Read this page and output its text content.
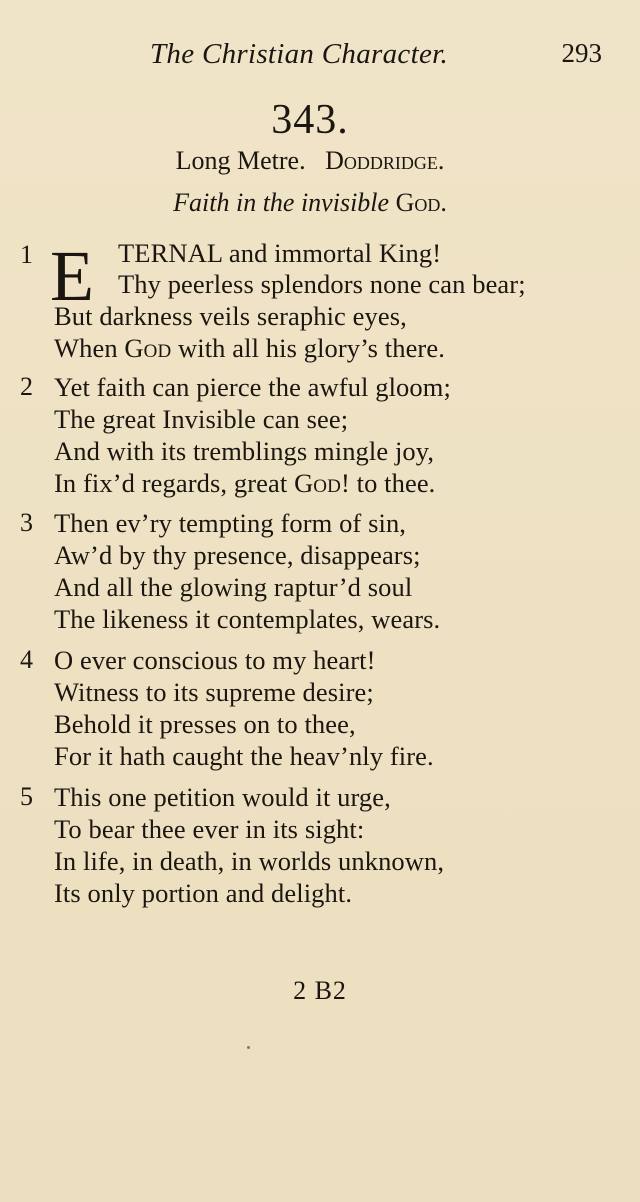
The Christian Character.	293
343.
Long Metre. Doddridge.
Faith in the invisible God.
1 E TERNAL and immortal King!
Thy peerless splendors none can bear;
But darkness veils seraphic eyes,
When God with all his glory’s there.
2 Yet faith can pierce the awful gloom;
The great Invisible can see;
And with its tremblings mingle joy,
In fix’d regards, great God! to thee.
3 Then ev’ry tempting form of sin,
Aw’d by thy presence, disappears;
And all the glowing raptur’d soul
The likeness it contemplates, wears.
4 O ever conscious to my heart!
Witness to its supreme desire;
Behold it presses on to thee,
For it hath caught the heav’nly fire.
5 This one petition would it urge,
To bear thee ever in its sight:
In life, in death, in worlds unknown,
Its only portion and delight.
2 B2
